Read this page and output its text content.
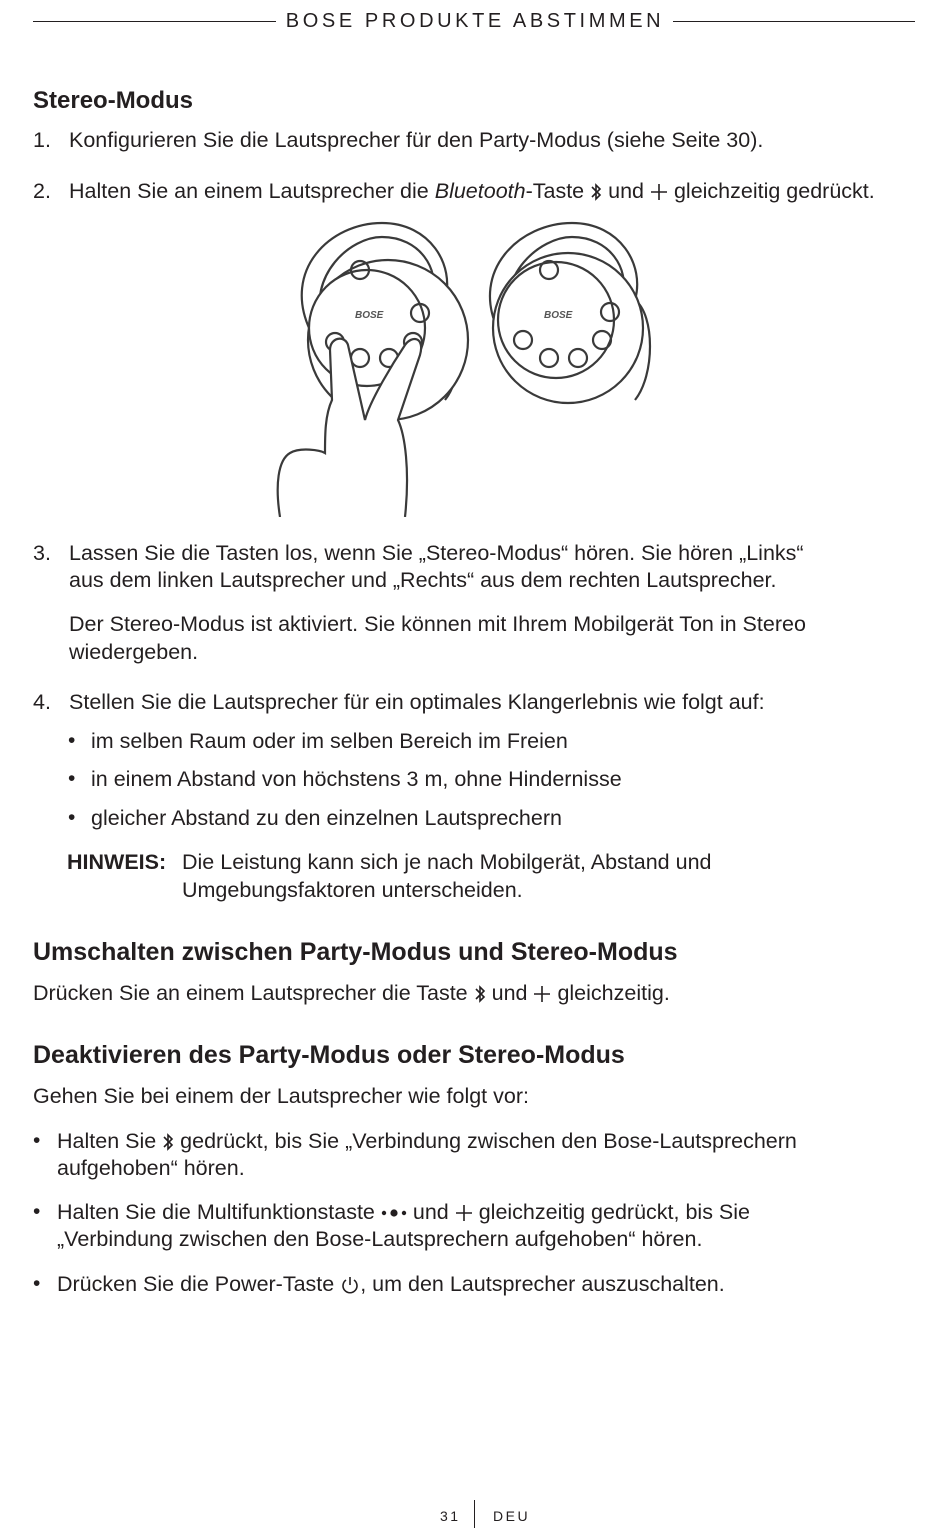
BOSE PRODUKTE ABSTIMMEN
Stereo-Modus
1. Konfigurieren Sie die Lautsprecher für den Party-Modus (siehe Seite 30).
2. Halten Sie an einem Lautsprecher die Bluetooth-Taste und gleichzeitig gedrückt.
BOSE	BOSE
3. Lassen Sie die Tasten los, wenn Sie „Stereo-Modus“ hören. Sie hören „Links“
aus dem linken Lautsprecher und „Rechts“ aus dem rechten Lautsprecher.
Der Stereo-Modus ist aktiviert. Sie können mit Ihrem Mobilgerät Ton in Stereo
wiedergeben.
4. Stellen Sie die Lautsprecher für ein optimales Klangerlebnis wie folgt auf:
• im selben Raum oder im selben Bereich im Freien
• in einem Abstand von höchstens 3 m, ohne Hindernisse
• gleicher Abstand zu den einzelnen Lautsprechern
HINWEIS: Die Leistung kann sich je nach Mobilgerät, Abstand und
Umgebungsfaktoren unterscheiden.
Umschalten zwischen Party-Modus und Stereo-Modus
Drücken Sie an einem Lautsprecher die Taste und gleichzeitig.
Deaktivieren des Party-Modus oder Stereo-Modus
Gehen Sie bei einem der Lautsprecher wie folgt vor:
• Halten Sie gedrückt, bis Sie „Verbindung zwischen den Bose-Lautsprechern
aufgehoben“ hören.
• Halten Sie die Multifunktionstaste und gleichzeitig gedrückt, bis Sie
„Verbindung zwischen den Bose-Lautsprechern aufgehoben“ hören.
• Drücken Sie die Power-Taste , um den Lautsprecher auszuschalten.
31 DEU
